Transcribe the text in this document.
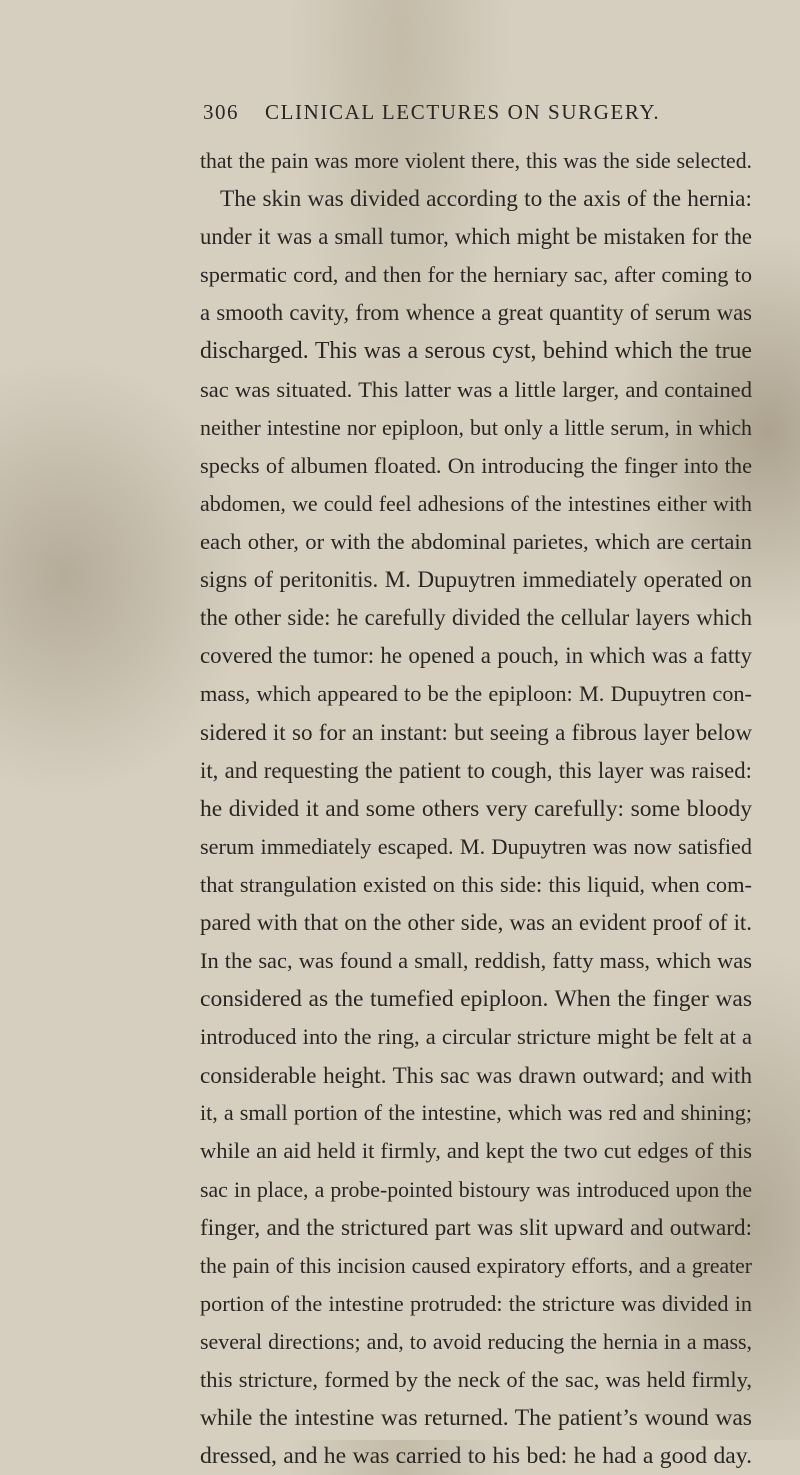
306 CLINICAL LECTURES ON SURGERY.
that the pain was more violent there, this was the side selected.
The skin was divided according to the axis of the hernia:
under it was a small tumor, which might be mistaken for the
spermatic cord, and then for the herniary sac, after coming to
a smooth cavity, from whence a great quantity of serum was
discharged. This was a serous cyst, behind which the true
sac was situated. This latter was a little larger, and contained
neither intestine nor epiploon, but only a little serum, in which
specks of albumen floated. On introducing the finger into the
abdomen, we could feel adhesions of the intestines either with
each other, or with the abdominal parietes, which are certain
signs of peritonitis. M. Dupuytren immediately operated on
the other side: he carefully divided the cellular layers which
covered the tumor: he opened a pouch, in which was a fatty
mass, which appeared to be the epiploon: M. Dupuytren con-
sidered it so for an instant: but seeing a fibrous layer below
it, and requesting the patient to cough, this layer was raised:
he divided it and some others very carefully: some bloody
serum immediately escaped. M. Dupuytren was now satisfied
that strangulation existed on this side: this liquid, when com-
pared with that on the other side, was an evident proof of it.
In the sac, was found a small, reddish, fatty mass, which was
considered as the tumefied epiploon. When the finger was
introduced into the ring, a circular stricture might be felt at a
considerable height. This sac was drawn outward; and with
it, a small portion of the intestine, which was red and shining;
while an aid held it firmly, and kept the two cut edges of this
sac in place, a probe-pointed bistoury was introduced upon the
finger, and the strictured part was slit upward and outward:
the pain of this incision caused expiratory efforts, and a greater
portion of the intestine protruded: the stricture was divided in
several directions; and, to avoid reducing the hernia in a mass,
this stricture, formed by the neck of the sac, was held firmly,
while the intestine was returned. The patient’s wound was
dressed, and he was carried to his bed: he had a good day.
